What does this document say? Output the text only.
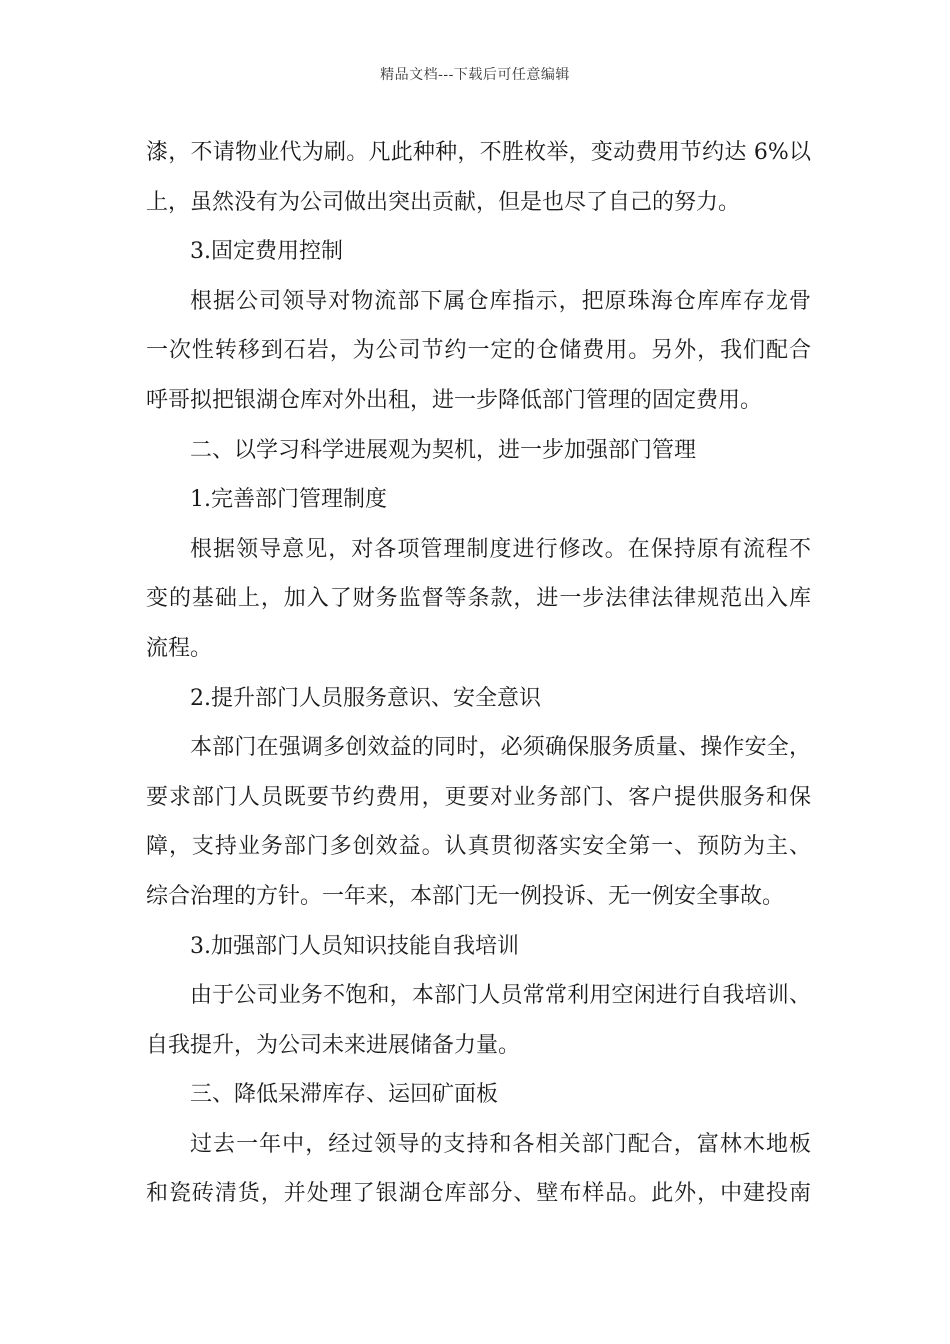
精品文档---下载后可任意编辑
漆，不请物业代为刷。凡此种种，不胜枚举，变动费用节约达 6%以
上，虽然没有为公司做出突出贡献，但是也尽了自己的努力。
3.固定费用控制
根据公司领导对物流部下属仓库指示，把原珠海仓库库存龙骨
一次性转移到石岩，为公司节约一定的仓储费用。另外，我们配合
呼哥拟把银湖仓库对外出租，进一步降低部门管理的固定费用。
二、以学习科学进展观为契机，进一步加强部门管理
1.完善部门管理制度
根据领导意见，对各项管理制度进行修改。在保持原有流程不
变的基础上，加入了财务监督等条款，进一步法律法律规范出入库
流程。
2.提升部门人员服务意识、安全意识
本部门在强调多创效益的同时，必须确保服务质量、操作安全，
要求部门人员既要节约费用，更要对业务部门、客户提供服务和保
障，支持业务部门多创效益。认真贯彻落实安全第一、预防为主、
综合治理的方针。一年来，本部门无一例投诉、无一例安全事故。
3.加强部门人员知识技能自我培训
由于公司业务不饱和，本部门人员常常利用空闲进行自我培训、
自我提升，为公司未来进展储备力量。
三、降低呆滞库存、运回矿面板
过去一年中，经过领导的支持和各相关部门配合，富林木地板
和瓷砖清货，并处理了银湖仓库部分、壁布样品。此外，中建投南
